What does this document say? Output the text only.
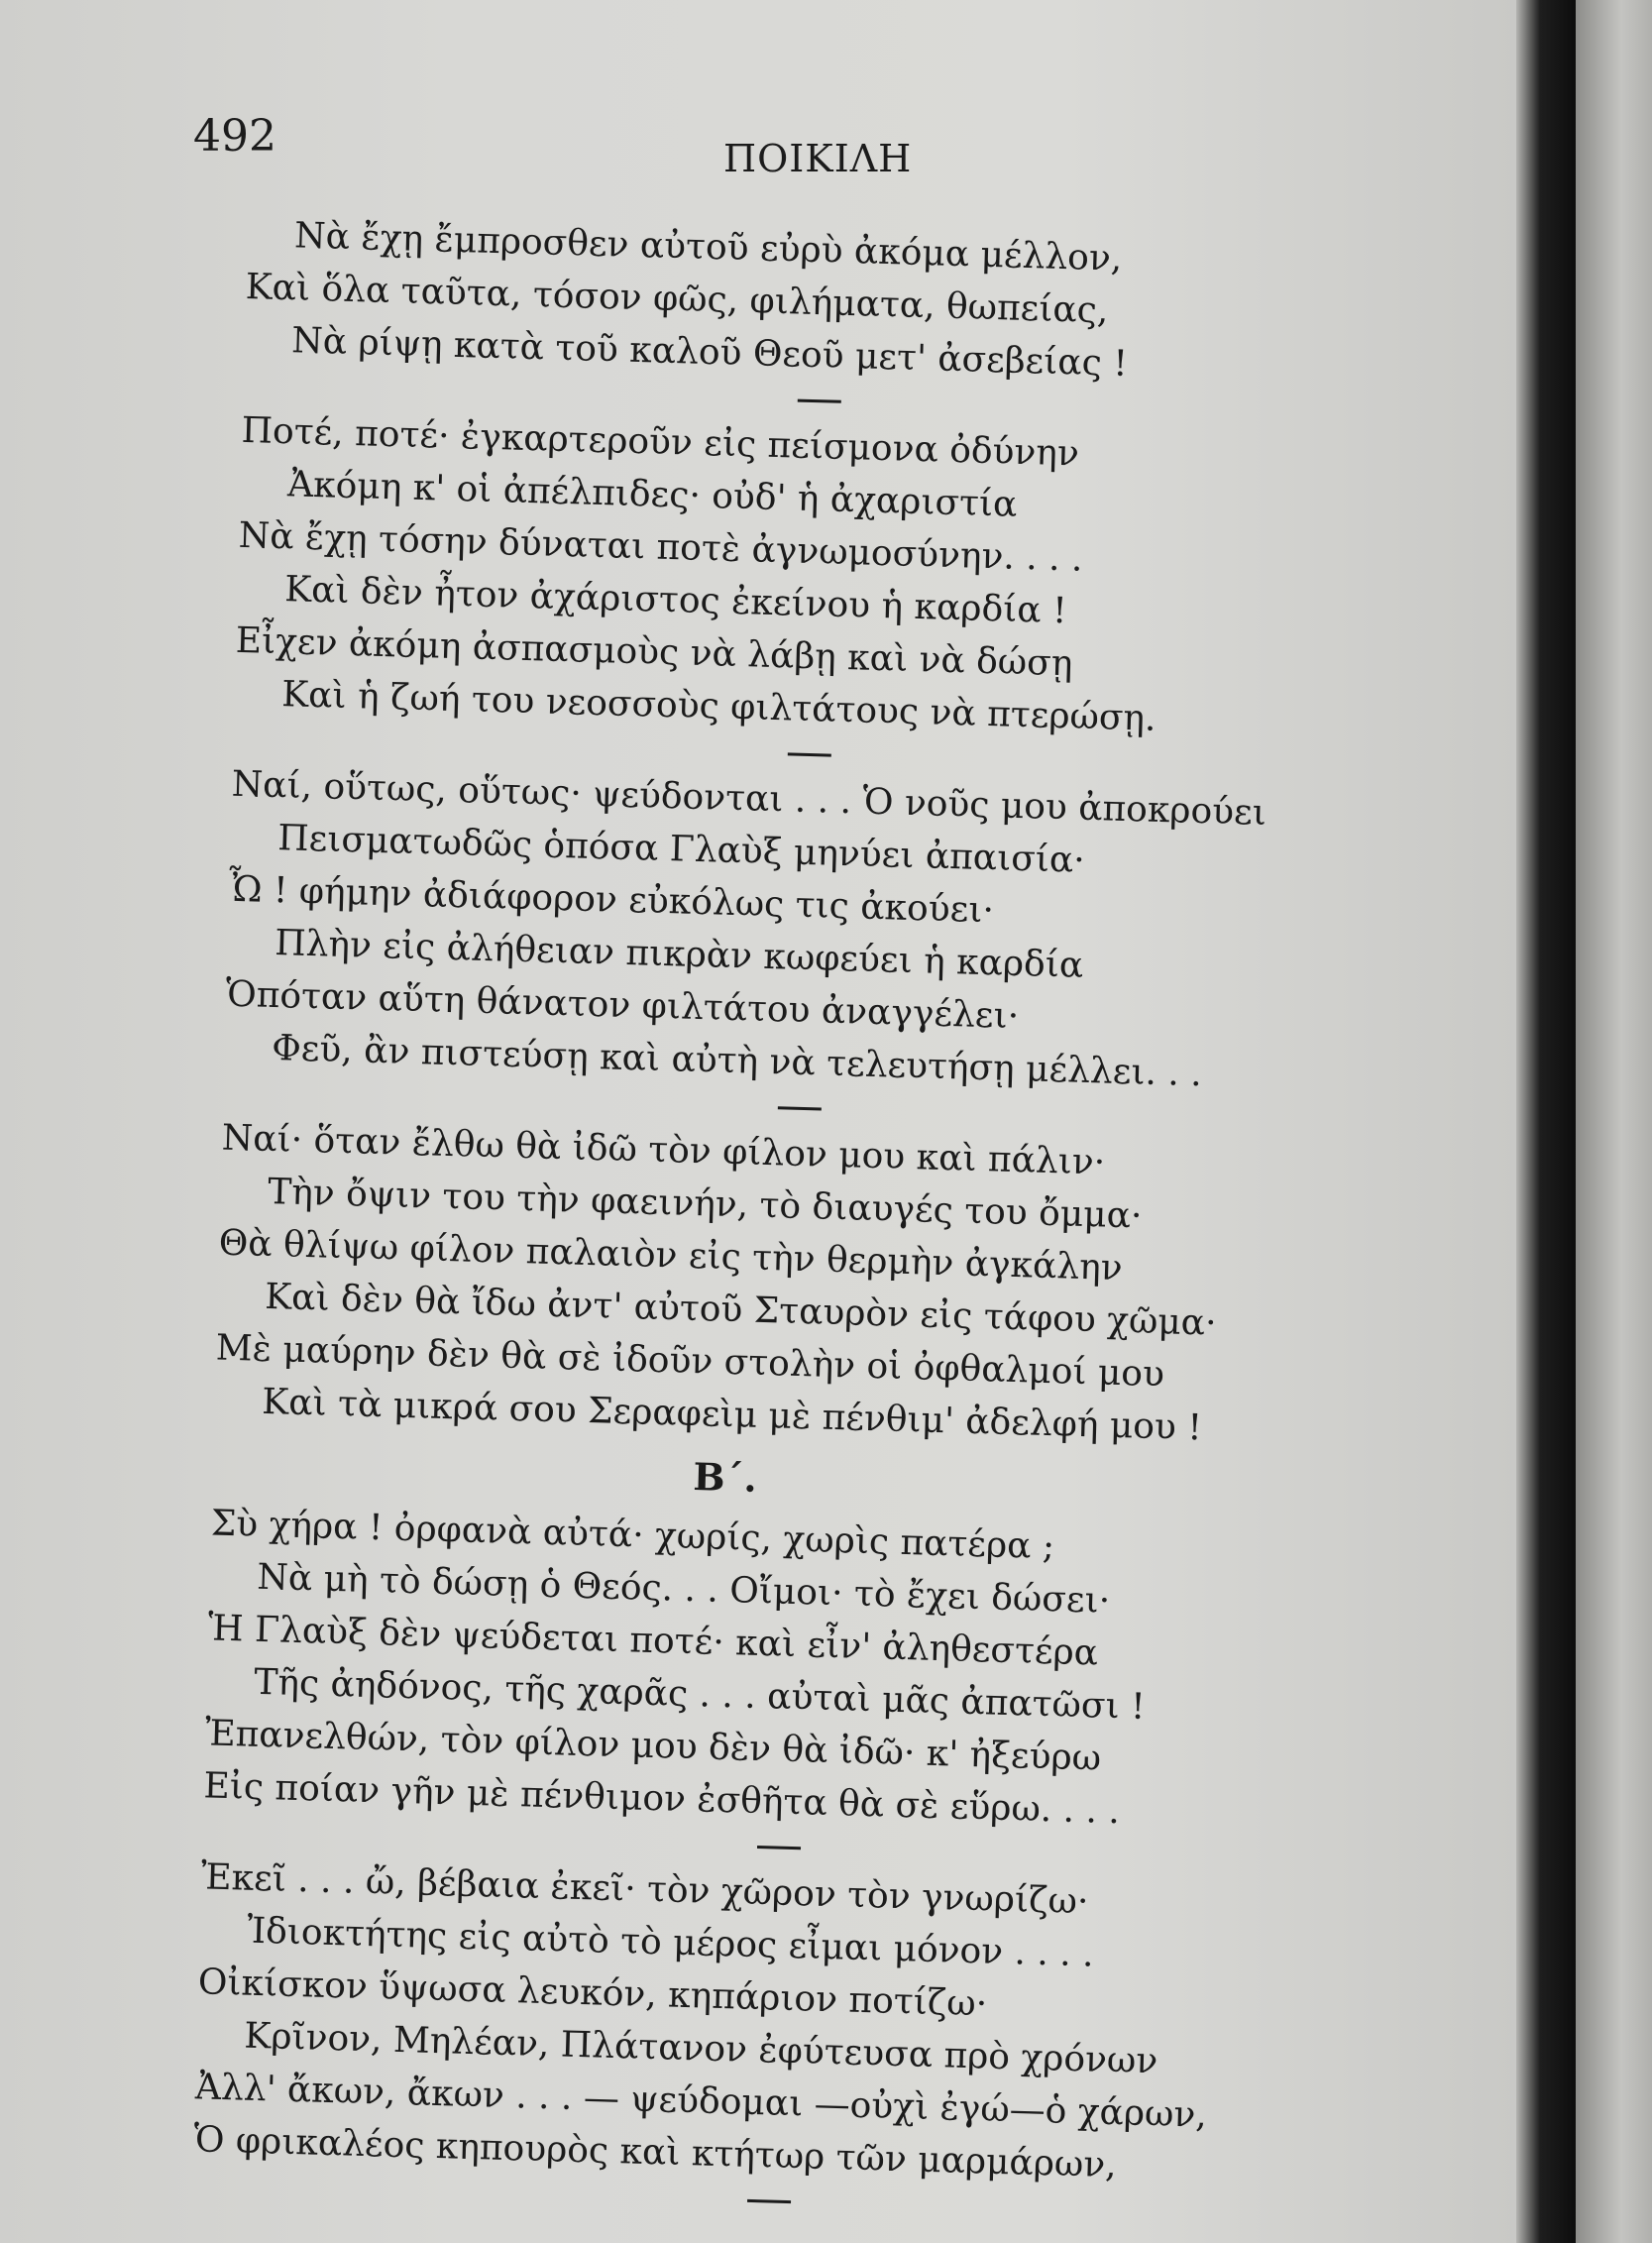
492	ΠΟΙΚΙΛΗ
Νὰ ἔχῃ ἔμπροσθεν αὐτοῦ εὐρὺ ἀκόμα μέλλον,
Καὶ ὅλα ταῦτα, τόσον φῶς, φιλήματα, θωπείας,
Νὰ ρίψῃ κατὰ τοῦ καλοῦ Θεοῦ μετ' ἀσεβείας !
Ποτέ, ποτέ· ἐγκαρτεροῦν εἰς πείσμονα ὀδύνην
Ἀκόμη κ' οἱ ἀπέλπιδες· οὐδ' ἡ ἀχαριστία
Νὰ ἔχῃ τόσην δύναται ποτὲ ἀγνωμοσύνην. . . .
Καὶ δὲν ἦτον ἀχάριστος ἐκείνου ἡ καρδία !
Εἶχεν ἀκόμη ἀσπασμοὺς νὰ λάβῃ καὶ νὰ δώσῃ
Καὶ ἡ ζωή του νεοσσοὺς φιλτάτους νὰ πτερώσῃ.
Ναί, οὕτως, οὕτως· ψεύδονται . . . Ὁ νοῦς μου ἀποκρούει
Πεισματωδῶς ὁπόσα Γλαὺξ μηνύει ἀπαισία·
Ὦ ! φήμην ἀδιάφορον εὐκόλως τις ἀκούει·
Πλὴν εἰς ἀλήθειαν πικρὰν κωφεύει ἡ καρδία
Ὁπόταν αὕτη θάνατον φιλτάτου ἀναγγέλει·
Φεῦ, ἂν πιστεύσῃ καὶ αὐτὴ νὰ τελευτήσῃ μέλλει. . .
Ναί· ὅταν ἔλθω θὰ ἰδῶ τὸν φίλον μου καὶ πάλιν·
Τὴν ὄψιν του τὴν φαεινήν, τὸ διαυγές του ὄμμα·
Θὰ θλίψω φίλον παλαιὸν εἰς τὴν θερμὴν ἀγκάλην
Καὶ δὲν θὰ ἴδω ἀντ' αὐτοῦ Σταυρὸν εἰς τάφου χῶμα·
Μὲ μαύρην δὲν θὰ σὲ ἰδοῦν στολὴν οἱ ὀφθαλμοί μου
Καὶ τὰ μικρά σου Σεραφεὶμ μὲ πένθιμ' ἀδελφή μου !
Β΄.
Σὺ χήρα ! ὀρφανὰ αὐτά· χωρίς, χωρὶς πατέρα ;
Νὰ μὴ τὸ δώσῃ ὁ Θεός. . . Οἴμοι· τὸ ἔχει δώσει·
Ἡ Γλαὺξ δὲν ψεύδεται ποτέ· καὶ εἶν' ἀληθεστέρα
Τῆς ἀηδόνος, τῆς χαρᾶς . . . αὐταὶ μᾶς ἀπατῶσι !
Ἐπανελθών, τὸν φίλον μου δὲν θὰ ἰδῶ· κ' ἠξεύρω
Εἰς ποίαν γῆν μὲ πένθιμον ἐσθῆτα θὰ σὲ εὕρω. . . .
Ἐκεῖ . . . ὤ, βέβαια ἐκεῖ· τὸν χῶρον τὸν γνωρίζω·
Ἰδιοκτήτης εἰς αὐτὸ τὸ μέρος εἶμαι μόνον . . . .
Οἰκίσκον ὕψωσα λευκόν, κηπάριον ποτίζω·
Κρῖνον, Μηλέαν, Πλάτανον ἐφύτευσα πρὸ χρόνων
Ἀλλ' ἄκων, ἄκων . . . — ψεύδομαι —οὐχὶ ἐγώ—ὁ χάρων,
Ὁ φρικαλέος κηπουρὸς καὶ κτήτωρ τῶν μαρμάρων,
